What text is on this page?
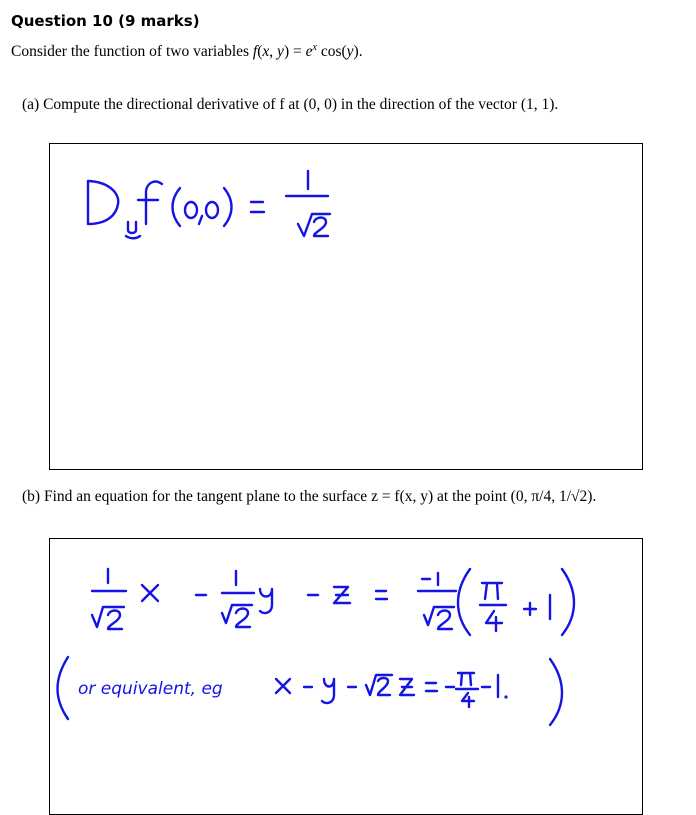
Question 10 (9 marks)
Consider the function of two variables f(x, $y) = e^x$ cos(y).
(a) Compute the directional derivative of f at (0, 0) in the direction of the vector (1, 1).
(b) Find an equation for the tangent plane to the surface z = f(x, y) at the point (0, π/4, 1/√2).
or equivalent, eg
